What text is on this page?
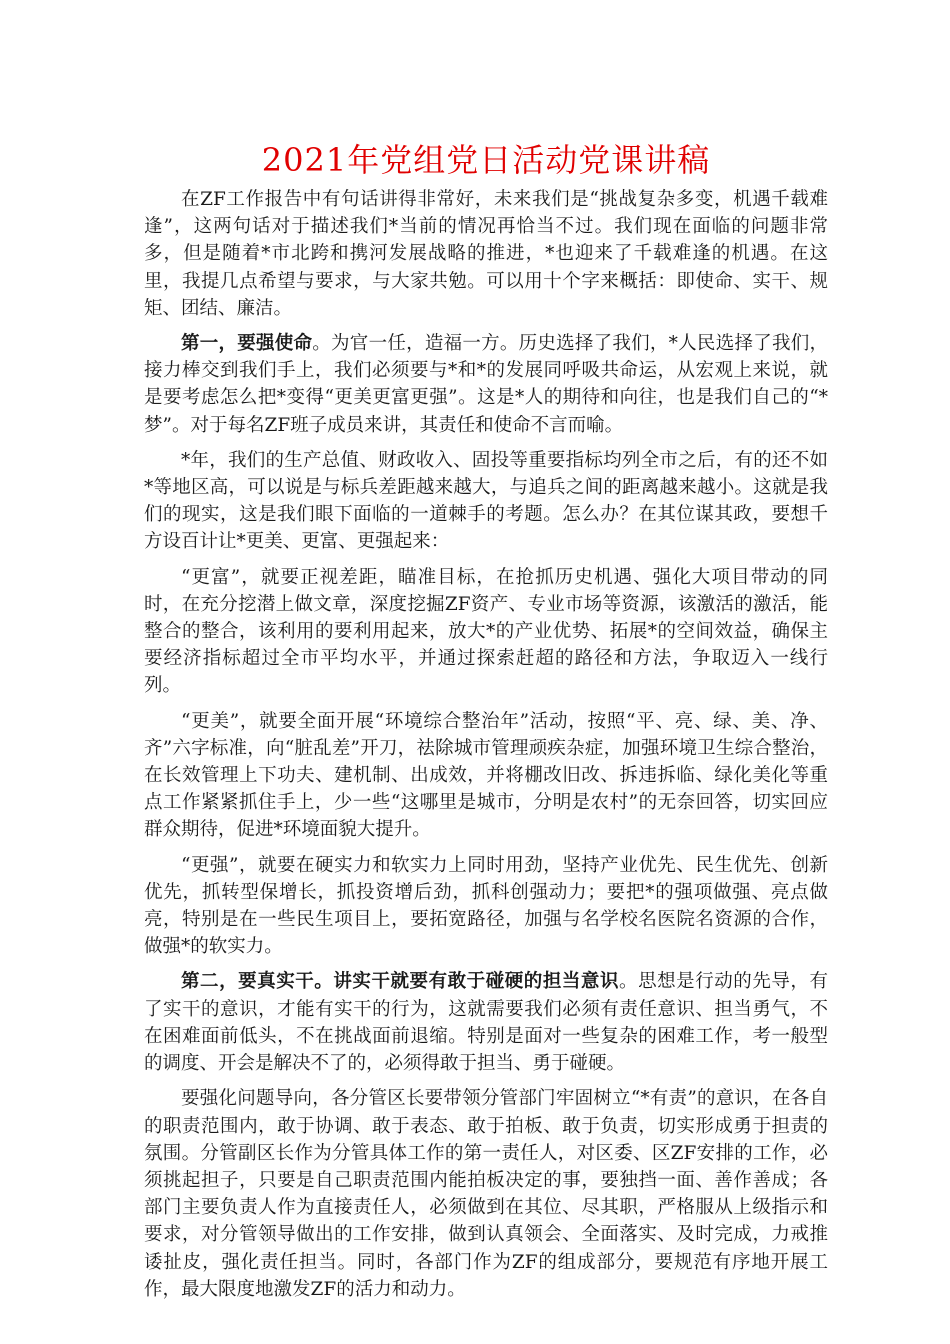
2021年党组党日活动党课讲稿

在ZF工作报告中有句话讲得非常好，未来我们是“挑战复杂多变，机遇千载难逢”，这两句话对于描述我们*当前的情况再恰当不过。我们现在面临的问题非常多，但是随着*市北跨和携河发展战略的推进，*也迎来了千载难逢的机遇。在这里，我提几点希望与要求，与大家共勉。可以用十个字来概括：即使命、实干、规矩、团结、廉洁。

第一，要强使命。为官一任，造福一方。历史选择了我们，*人民选择了我们，接力棒交到我们手上，我们必须要与*和*的发展同呼吸共命运，从宏观上来说，就是要考虑怎么把*变得“更美更富更强”。这是*人的期待和向往，也是我们自己的“*梦”。对于每名ZF班子成员来讲，其责任和使命不言而喻。

*年，我们的生产总值、财政收入、固投等重要指标均列全市之后，有的还不如*等地区高，可以说是与标兵差距越来越大，与追兵之间的距离越来越小。这就是我们的现实，这是我们眼下面临的一道棘手的考题。怎么办？在其位谋其政，要想千方设百计让*更美、更富、更强起来：

“更富”，就要正视差距，瞄准目标，在抢抓历史机遇、强化大项目带动的同时，在充分挖潜上做文章，深度挖掘ZF资产、专业市场等资源，该激活的激活，能整合的整合，该利用的要利用起来，放大*的产业优势、拓展*的空间效益，确保主要经济指标超过全市平均水平，并通过探索赶超的路径和方法，争取迈入一线行列。

“更美”，就要全面开展“环境综合整治年”活动，按照“平、亮、绿、美、净、齐”六字标准，向“脏乱差”开刀，祛除城市管理顽疾杂症，加强环境卫生综合整治，在长效管理上下功夫、建机制、出成效，并将棚改旧改、拆违拆临、绿化美化等重点工作紧紧抓住手上，少一些“这哪里是城市，分明是农村”的无奈回答，切实回应群众期待，促进*环境面貌大提升。

“更强”，就要在硬实力和软实力上同时用劲，坚持产业优先、民生优先、创新优先，抓转型保增长，抓投资增后劲，抓科创强动力；要把*的强项做强、亮点做亮，特别是在一些民生项目上，要拓宽路径，加强与名学校名医院名资源的合作，做强*的软实力。

第二，要真实干。讲实干就要有敢于碰硬的担当意识。思想是行动的先导，有了实干的意识，才能有实干的行为，这就需要我们必须有责任意识、担当勇气，不在困难面前低头，不在挑战面前退缩。特别是面对一些复杂的困难工作，考一般型的调度、开会是解决不了的，必须得敢于担当、勇于碰硬。

要强化问题导向，各分管区长要带领分管部门牢固树立“*有责”的意识，在各自的职责范围内，敢于协调、敢于表态、敢于拍板、敢于负责，切实形成勇于担责的氛围。分管副区长作为分管具体工作的第一责任人，对区委、区ZF安排的工作，必须挑起担子，只要是自己职责范围内能拍板决定的事，要独挡一面、善作善成；各部门主要负责人作为直接责任人，必须做到在其位、尽其职，严格服从上级指示和要求，对分管领导做出的工作安排，做到认真领会、全面落实、及时完成，力戒推诿扯皮，强化责任担当。同时，各部门作为ZF的组成部分，要规范有序地开展工作，最大限度地激发ZF的活力和动力。
